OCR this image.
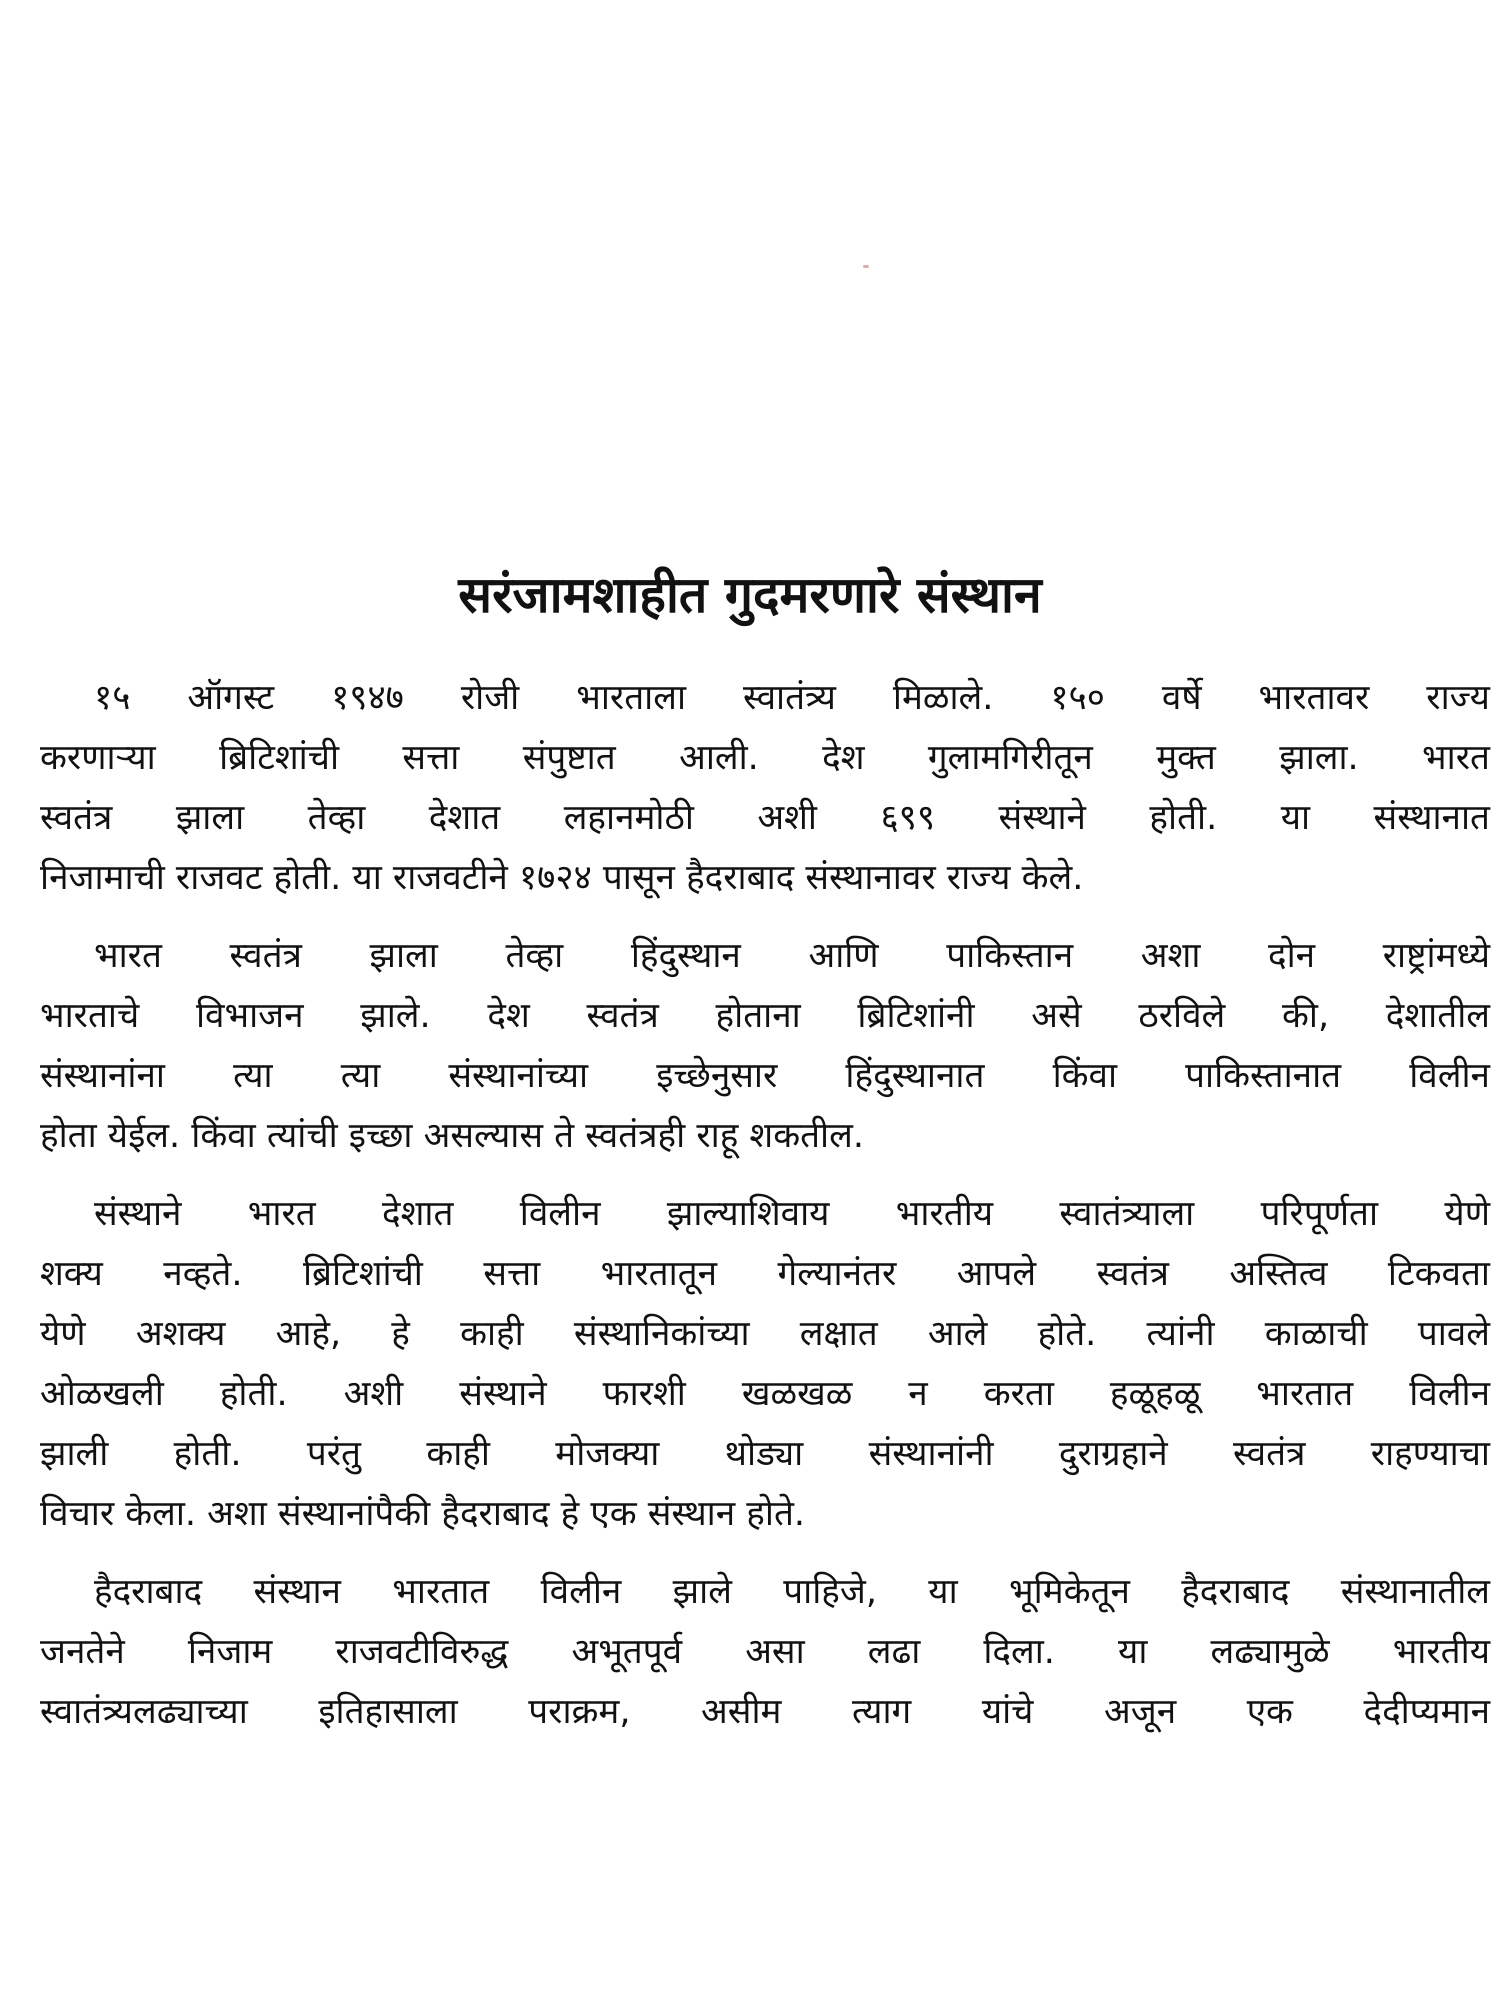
सरंजामशाहीत गुदमरणारे संस्थान

१५ ऑगस्ट १९४७ रोजी भारताला स्वातंत्र्य मिळाले. १५० वर्षे भारतावर राज्य
करणाऱ्या ब्रिटिशांची सत्ता संपुष्टात आली. देश गुलामगिरीतून मुक्त झाला. भारत
स्वतंत्र झाला तेव्हा देशात लहानमोठी अशी ६९९ संस्थाने होती. या संस्थानात
निजामाची राजवट होती. या राजवटीने १७२४ पासून हैदराबाद संस्थानावर राज्य केले.

भारत स्वतंत्र झाला तेव्हा हिंदुस्थान आणि पाकिस्तान अशा दोन राष्ट्रांमध्ये
भारताचे विभाजन झाले. देश स्वतंत्र होताना ब्रिटिशांनी असे ठरविले की, देशातील
संस्थानांना त्या त्या संस्थानांच्या इच्छेनुसार हिंदुस्थानात किंवा पाकिस्तानात विलीन
होता येईल. किंवा त्यांची इच्छा असल्यास ते स्वतंत्रही राहू शकतील.

संस्थाने भारत देशात विलीन झाल्याशिवाय भारतीय स्वातंत्र्याला परिपूर्णता येणे
शक्य नव्हते. ब्रिटिशांची सत्ता भारतातून गेल्यानंतर आपले स्वतंत्र अस्तित्व टिकवता
येणे अशक्य आहे, हे काही संस्थानिकांच्या लक्षात आले होते. त्यांनी काळाची पावले
ओळखली होती. अशी संस्थाने फारशी खळखळ न करता हळूहळू भारतात विलीन
झाली होती. परंतु काही मोजक्या थोड्या संस्थानांनी दुराग्रहाने स्वतंत्र राहण्याचा
विचार केला. अशा संस्थानांपैकी हैदराबाद हे एक संस्थान होते.

हैदराबाद संस्थान भारतात विलीन झाले पाहिजे, या भूमिकेतून हैदराबाद संस्थानातील
जनतेने निजाम राजवटीविरुद्ध अभूतपूर्व असा लढा दिला. या लढ्यामुळे भारतीय
स्वातंत्र्यलढ्याच्या इतिहासाला पराक्रम, असीम त्याग यांचे अजून एक देदीप्यमान
